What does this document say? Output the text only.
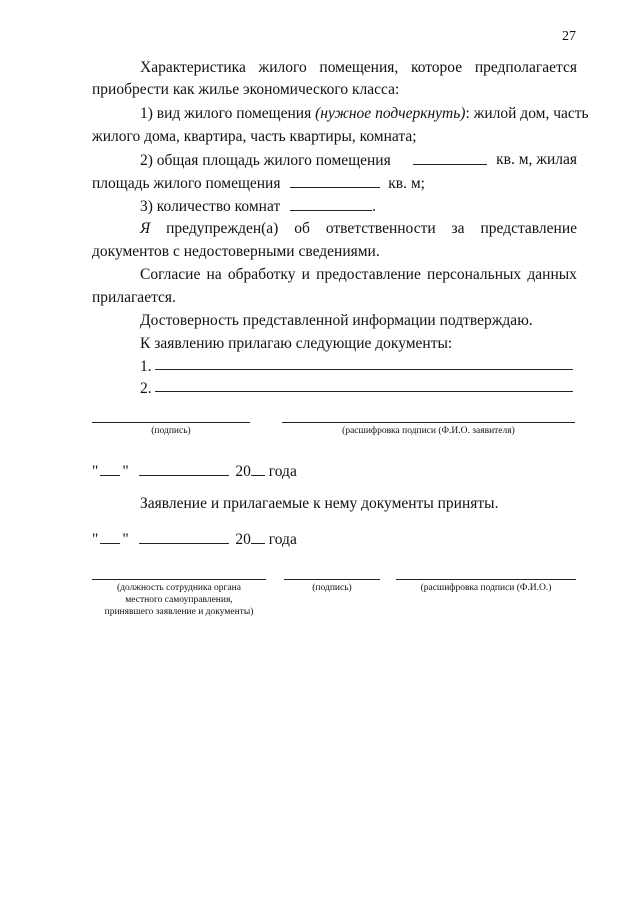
27
Характеристика жилого помещения, которое предполагается
приобрести как жилье экономического класса:
1) вид жилого помещения (нужное подчеркнуть): жилой дом, часть
жилого дома, квартира, часть квартиры, комната;
2) общая площадь жилого помещения	кв. м, жилая
площадь жилого помещения	кв. м;
3) количество комнат	.
Я предупрежден(а) об ответственности за представление
документов с недостоверными сведениями.
Согласие на обработку и предоставление персональных данных
прилагается.
Достоверность представленной информации подтверждаю.
К заявлению прилагаю следующие документы:
1.
2.
(подпись)	(расшифровка подписи (Ф.И.О. заявителя)
" "	20 года
Заявление и прилагаемые к нему документы приняты.
" "	20 года
(должность сотрудника органа
местного самоуправления,
принявшего заявление и документы)
(подпись)	(расшифровка подписи (Ф.И.О.)
